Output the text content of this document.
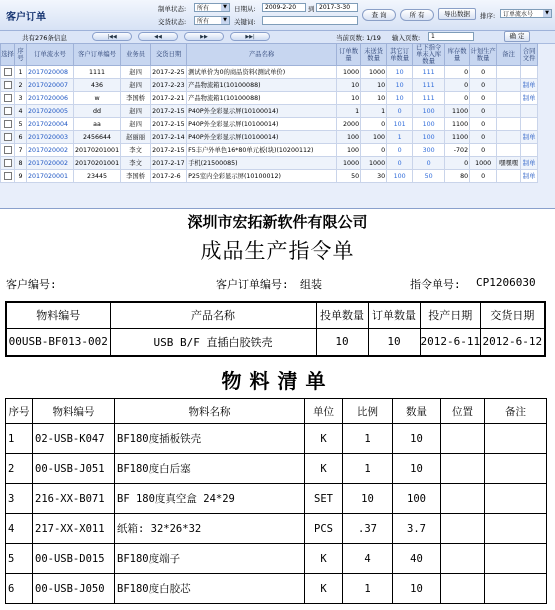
客户订单
制单状态:	所有	▼
交货状态:	所有	▼
日期从:	2009-2-20	到 2017-3-30
关键词:
查 询	所 有	导出数据	排序:	订单流水号	▼
共有276条信息	|◀◀	◀◀	▶▶	▶▶|	当前页数: 1/19 输入页数:	1	确 定
选择	序号	订单流水号	客户订单编号	业务员	交货日期	产品名称	订单数量	未送货数量	其它订单数量	已下指令单未入库数量	库存数量	计划生产数量	备注	合同文件
	1	2017020008	1111	赵四	2017-2-25	测试单价为0的商品资料(测试单价)	1000	1000	10	111	0	0		
	2	2017020007	436	赵四	2017-2-23	产品物流箱1(10100088)	10	10	10	111	0	0		制单
	3	2017020006	w	李国桥	2017-2-21	产品物流箱1(10100088)	10	10	10	111	0	0		制单
	4	2017020005	dd	赵四	2017-2-15	P40P外全彩显示屏(10100014)	1	1	0	100	1100	0		
	5	2017020004	aa	赵四	2017-2-15	P40P外全彩显示屏(10100014)	2000	0	101	100	1100	0		
	6	2017020003	2456644	赵丽丽	2017-2-14	P40P外全彩显示屏(10100014)	100	100	1	100	1100	0		制单
	7	2017020002	20170201001	李文	2017-2-15	F5丰户外单色16*80单元板(块)(10200112)	100	0	0	300	-702	0		
	8	2017020002	20170201001	李文	2017-2-17	手机(21500085)	1000	1000	0	0	0	1000	嘿嘿嘿	制单
	9	2017020001	23445	李国桥	2017-2-6	P25室内全彩显示屏(10100012)	50	30	100	50	80	0		制单
深圳市宏拓新软件有限公司
成品生产指令单
客户编号:	客户订单编号: 组装	指令单号: CP1206030
物料编号	产品名称	投单数量	订单数量	投产日期	交货日期
00USB-BF013-002	USB B/F 直插白胶铁壳	10	10	2012-6-11	2012-6-12
物料清单
序号	物料编号	物料名称	单位	比例	数量	位置	备注
1	02-USB-K047	BF180度插板铁壳	K	1	10		
2	00-USB-J051	BF180度白后塞	K	1	10		
3	216-XX-B071	BF 180度真空盒 24*29	SET	10	100		
4	217-XX-X011	纸箱: 32*26*32	PCS	.37	3.7		
5	00-USB-D015	BF180度端子	K	4	40		
6	00-USB-J050	BF180度白胶芯	K	1	10		
